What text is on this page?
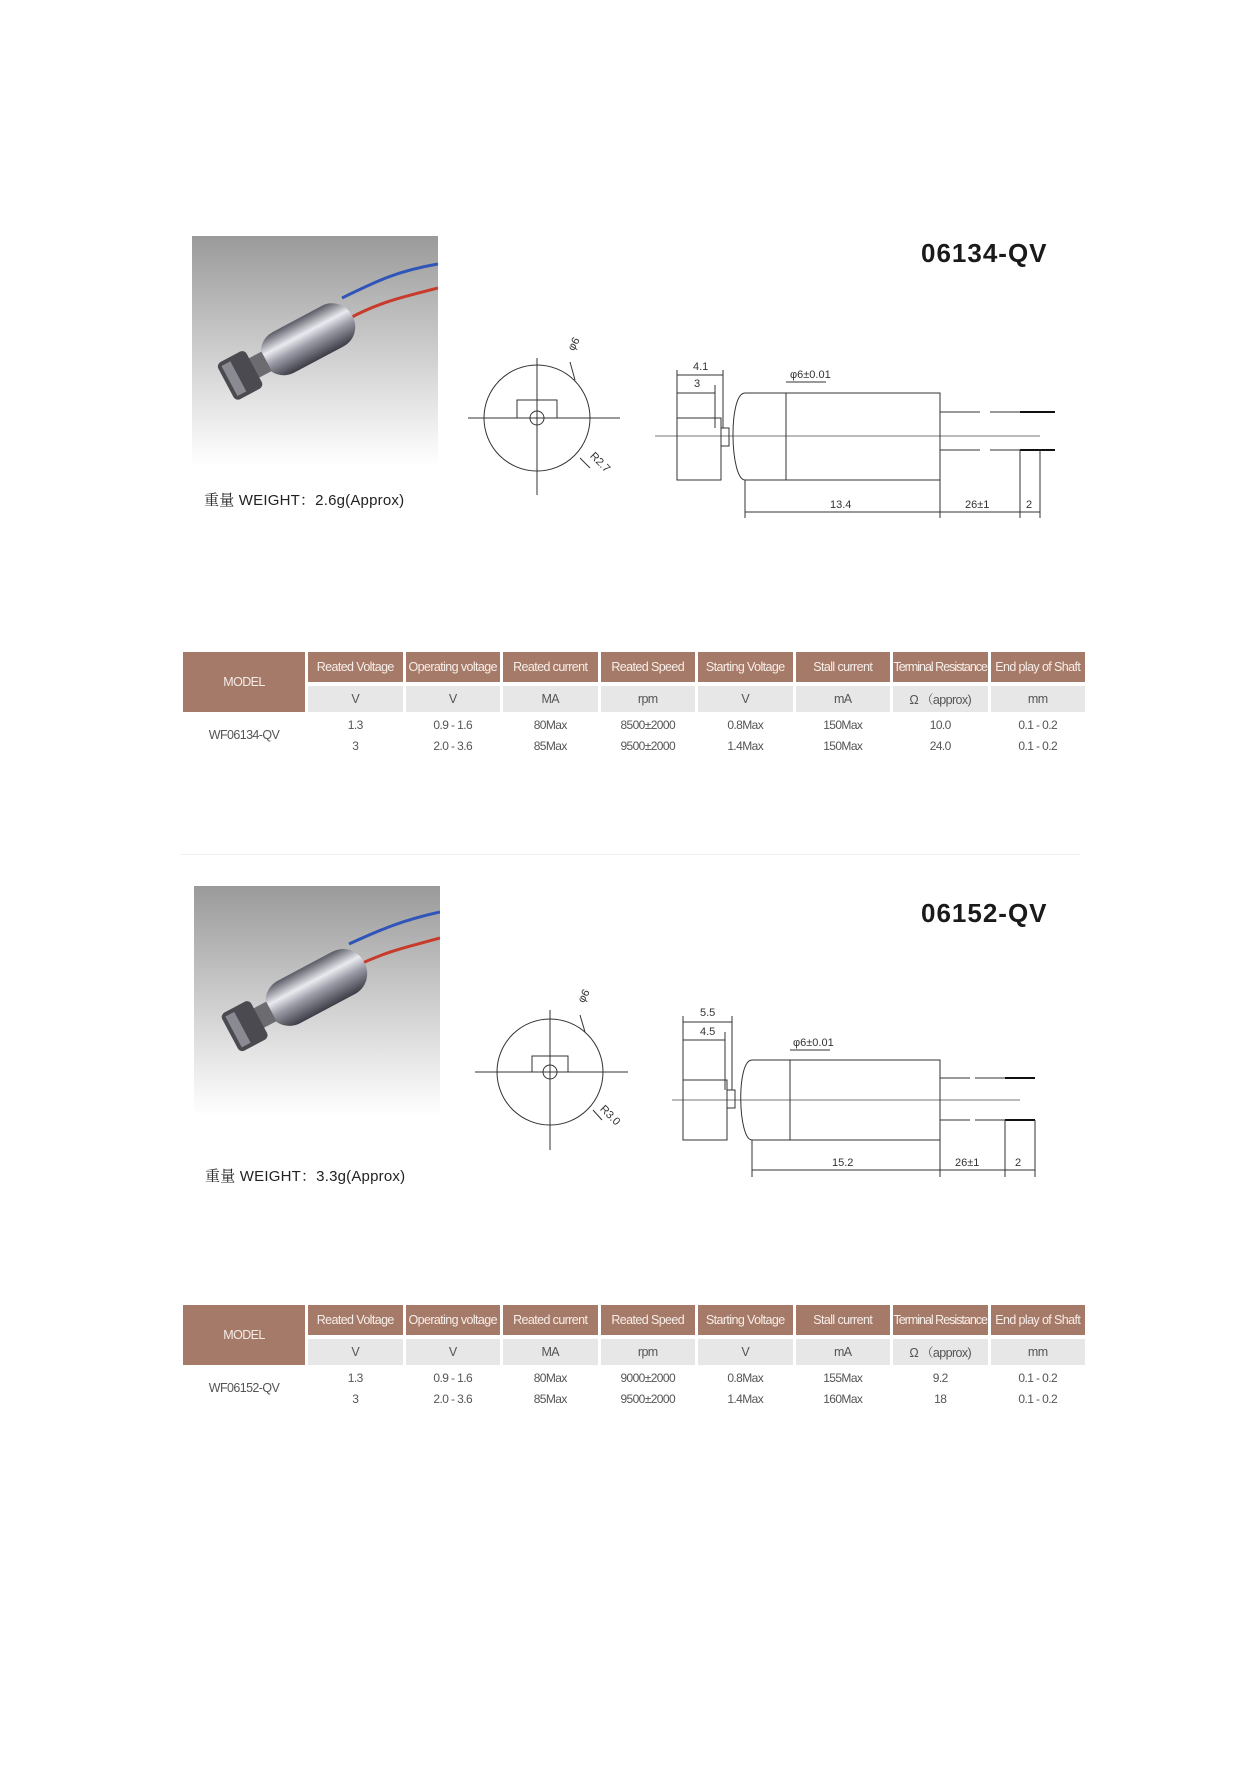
重量 WEIGHT：2.6g(Approx)
06134-QV
φ6
R2.7
4.1
3
φ6±0.01
13.4	26±1	2
MODEL	Reated Voltage	Operating voltage	Reated current	Reated Speed	Starting Voltage	Stall current	Terminal Resistance	End play of Shaft
	V	V	MA	rpm	V	mA	Ω （approx)	mm
WF06134-QV	1.3	0.9 - 1.6	80Max	8500±2000	0.8Max	150Max	10.0	0.1 - 0.2
	3	2.0 - 3.6	85Max	9500±2000	1.4Max	150Max	24.0	0.1 - 0.2
重量 WEIGHT：3.3g(Approx)
06152-QV
φ6
R3.0
5.5
4.5
φ6±0.01
15.2	26±1	2
MODEL	Reated Voltage	Operating voltage	Reated current	Reated Speed	Starting Voltage	Stall current	Terminal Resistance	End play of Shaft
	V	V	MA	rpm	V	mA	Ω （approx)	mm
WF06152-QV	1.3	0.9 - 1.6	80Max	9000±2000	0.8Max	155Max	9.2	0.1 - 0.2
	3	2.0 - 3.6	85Max	9500±2000	1.4Max	160Max	18	0.1 - 0.2
